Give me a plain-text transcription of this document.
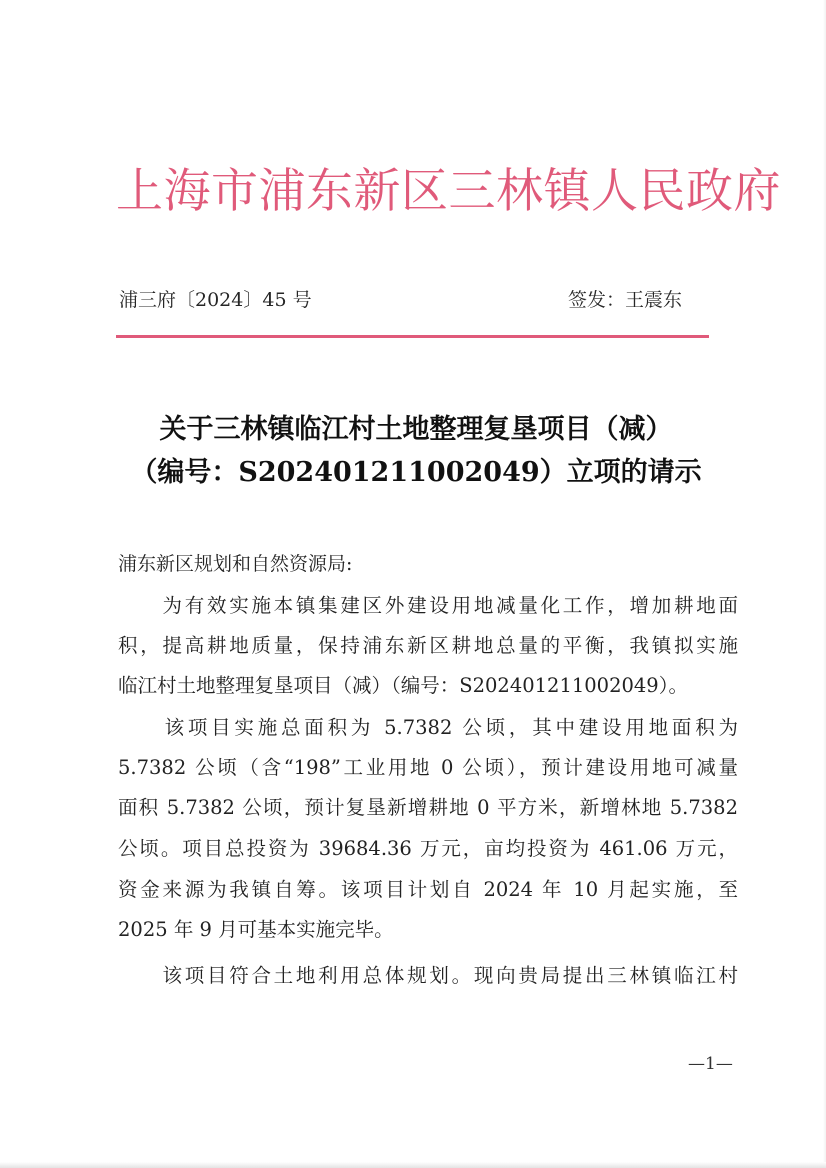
上海市浦东新区三林镇人民政府
浦三府〔2024〕45 号	签发：王震东
关于三林镇临江村土地整理复垦项目（减）
（编号：S202401211002049）立项的请示
浦东新区规划和自然资源局:
　　为有效实施本镇集建区外建设用地减量化工作，增加耕地面
积，提高耕地质量，保持浦东新区耕地总量的平衡，我镇拟实施
临江村土地整理复垦项目（减）（编号：S202401211002049）。
　　该项目实施总面积为 5.7382 公顷，其中建设用地面积为
5.7382 公顷（含“198”工业用地 0 公顷），预计建设用地可减量
面积 5.7382 公顷，预计复垦新增耕地 0 平方米，新增林地 5.7382
公顷。项目总投资为 39684.36 万元，亩均投资为 461.06 万元，
资金来源为我镇自筹。该项目计划自 2024 年 10 月起实施，至
2025 年 9 月可基本实施完毕。
　　该项目符合土地利用总体规划。现向贵局提出三林镇临江村
—1—
